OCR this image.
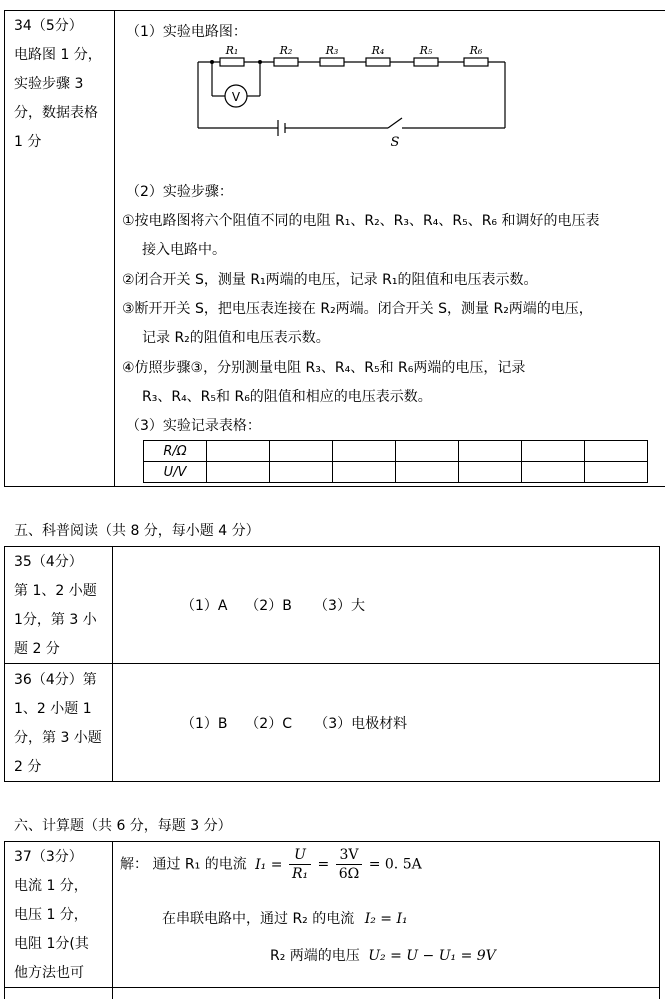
34（5分）
电路图 1 分，
实验步骤 3
分，数据表格
1 分
（1）实验电路图：
V
R₁	R₂	R₃	R₄	R₅	R₆
S
（2）实验步骤：
①按电路图将六个阻值不同的电阻 R₁、R₂、R₃、R₄、R₅、R₆ 和调好的电压表
接入电路中。
②闭合开关 S，测量 R₁两端的电压，记录 R₁的阻值和电压表示数。
③断开开关 S，把电压表连接在 R₂两端。闭合开关 S，测量 R₂两端的电压，
记录 R₂的阻值和电压表示数。
④仿照步骤③，分别测量电阻 R₃、R₄、R₅和 R₆两端的电压，记录
R₃、R₄、R₅和 R₆的阻值和相应的电压表示数。
（3）实验记录表格：
R/Ω							
U/V							
五、科普阅读（共 8 分，每小题 4 分）
35（4分）
第 1、2 小题
1分，第 3 小
题 2 分
（1）A    （2）B     （3）大
36（4分）第
1、2 小题 1
分，第 3 小题
2 分
（1）B    （2）C     （3）电极材料
六、计算题（共 6 分，每题 3 分）
37（3分）
电流 1 分，
电压 1 分，
电阻 1分(其
他方法也可
解： 通过 R₁ 的电流 $I_1 = \frac{U}{\text{R₁}} = \frac{3V}{6\Omega} = 0$. 5A
在串联电路中，通过 R₂ 的电流 I₂ = I₁
R₂ 两端的电压 U₂ = U − U₁ = 9V
